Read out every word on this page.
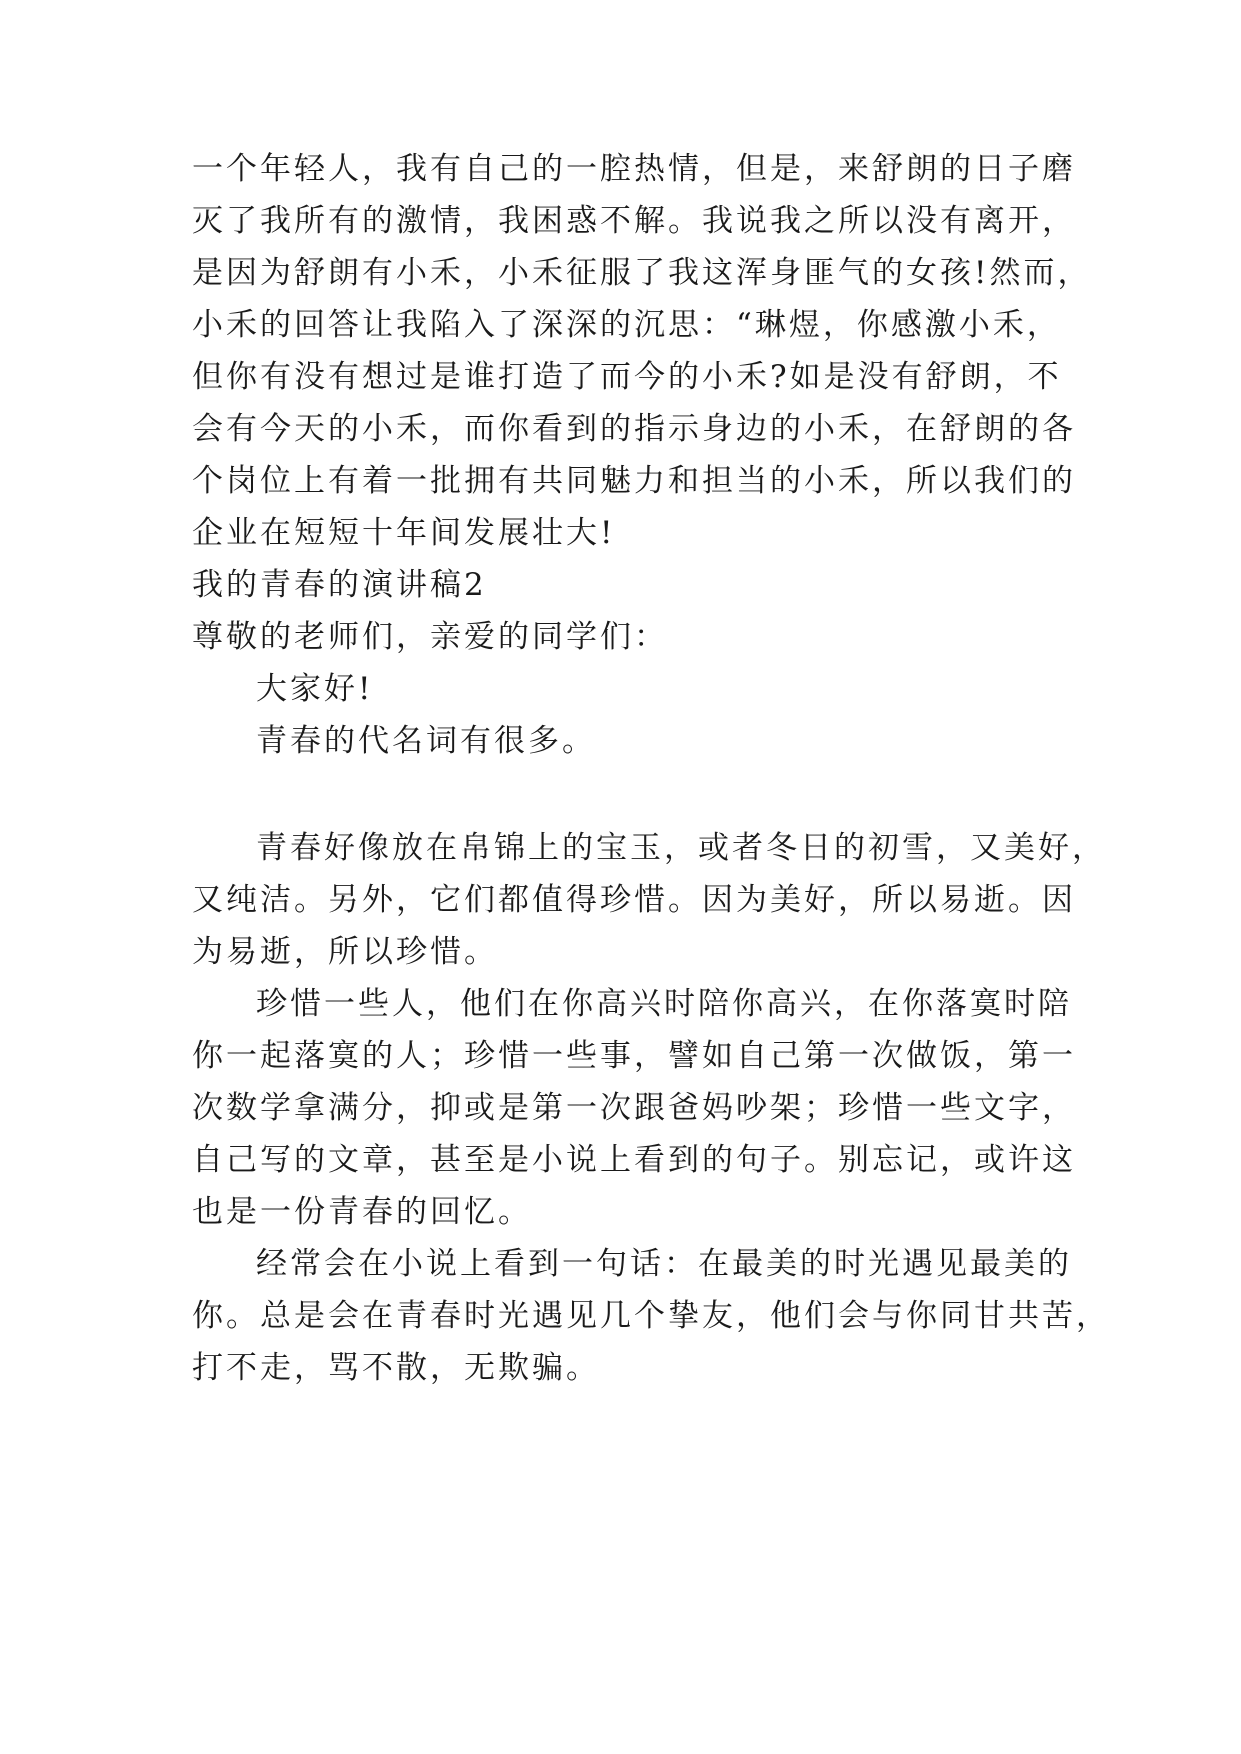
一个年轻人，我有自己的一腔热情，但是，来舒朗的日子磨
灭了我所有的激情，我困惑不解。我说我之所以没有离开，
是因为舒朗有小禾，小禾征服了我这浑身匪气的女孩!然而，
小禾的回答让我陷入了深深的沉思：“琳煜，你感激小禾，
但你有没有想过是谁打造了而今的小禾?如是没有舒朗，不
会有今天的小禾，而你看到的指示身边的小禾，在舒朗的各
个岗位上有着一批拥有共同魅力和担当的小禾，所以我们的
企业在短短十年间发展壮大!
我的青春的演讲稿2
尊敬的老师们，亲爱的同学们：
大家好!
青春的代名词有很多。
青春好像放在帛锦上的宝玉，或者冬日的初雪，又美好，
又纯洁。另外，它们都值得珍惜。因为美好，所以易逝。因
为易逝，所以珍惜。
珍惜一些人，他们在你高兴时陪你高兴，在你落寞时陪
你一起落寞的人；珍惜一些事，譬如自己第一次做饭，第一
次数学拿满分，抑或是第一次跟爸妈吵架；珍惜一些文字，
自己写的文章，甚至是小说上看到的句子。别忘记，或许这
也是一份青春的回忆。
经常会在小说上看到一句话：在最美的时光遇见最美的
你。总是会在青春时光遇见几个挚友，他们会与你同甘共苦，
打不走，骂不散，无欺骗。
